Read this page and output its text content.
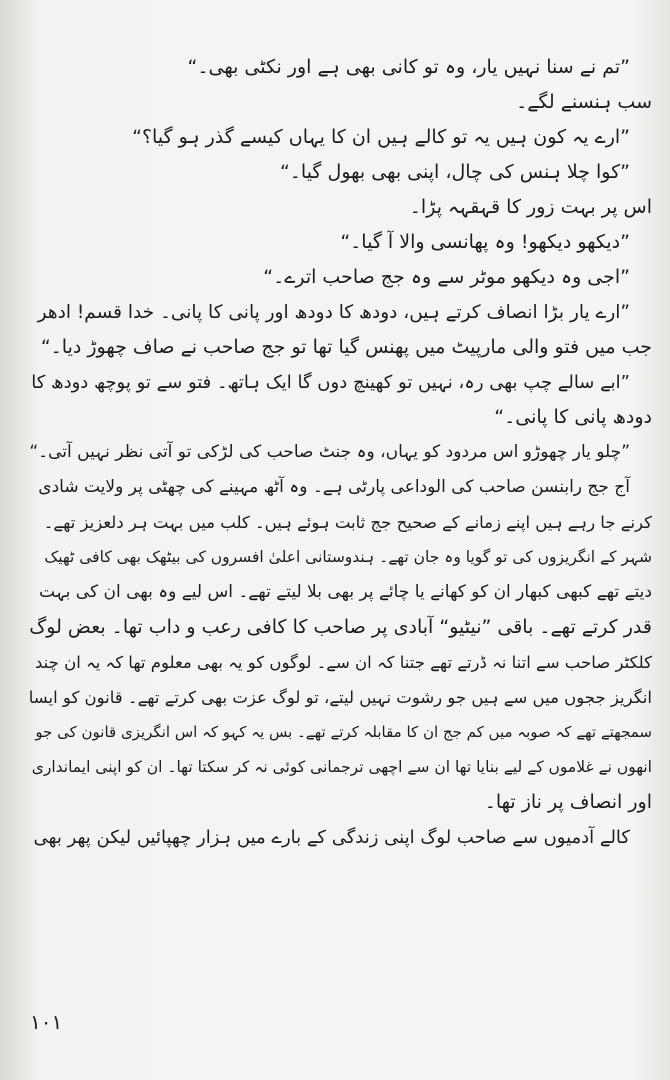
”تم نے سنا نہیں یار، وہ تو کانی بھی ہے اور نکٹی بھی۔“
سب ہنسنے لگے۔
”ارے یہ کون ہیں یہ تو کالے ہیں ان کا یہاں کیسے گذر ہو گیا؟“
”کوا چلا ہنس کی چال، اپنی بھی بھول گیا۔“
اس پر بہت زور کا قہقہہ پڑا۔
”دیکھو دیکھو! وہ پھانسی والا آ گیا۔“
”اجی وہ دیکھو موٹر سے وہ جج صاحب اترے۔“
”ارے یار بڑا انصاف کرتے ہیں، دودھ کا دودھ اور پانی کا پانی۔ خدا قسم! ادھر
جب میں فتو والی مارپیٹ میں پھنس گیا تھا تو جج صاحب نے صاف چھوڑ دیا۔“
”ابے سالے چپ بھی رہ، نہیں تو کھینچ دوں گا ایک ہاتھ۔ فتو سے تو پوچھ دودھ کا
دودھ پانی کا پانی۔“
”چلو یار چھوڑو اس مردود کو یہاں، وہ جنٹ صاحب کی لڑکی تو آتی نظر نہیں آتی۔“
آج جج رابنسن صاحب کی الوداعی پارٹی ہے۔ وہ آٹھ مہینے کی چھٹی پر ولایت شادی
کرنے جا رہے ہیں اپنے زمانے کے صحیح جج ثابت ہوئے ہیں۔ کلب میں بہت ہر دلعزیز تھے۔
شہر کے انگریزوں کی تو گویا وہ جان تھے۔ ہندوستانی اعلیٰ افسروں کی بیٹھک بھی کافی ٹھیک
دیتے تھے کبھی کبھار ان کو کھانے یا چائے پر بھی بلا لیتے تھے۔ اس لیے وہ بھی ان کی بہت
قدر کرتے تھے۔ باقی ”نیٹیو“ آبادی پر صاحب کا کافی رعب و داب تھا۔ بعض لوگ
کلکٹر صاحب سے اتنا نہ ڈرتے تھے جتنا کہ ان سے۔ لوگوں کو یہ بھی معلوم تھا کہ یہ ان چند
انگریز ججوں میں سے ہیں جو رشوت نہیں لیتے، تو لوگ عزت بھی کرتے تھے۔ قانون کو ایسا
سمجھتے تھے کہ صوبہ میں کم جج ان کا مقابلہ کرتے تھے۔ بس یہ کہو کہ اس انگریزی قانون کی جو
انھوں نے غلاموں کے لیے بنایا تھا ان سے اچھی ترجمانی کوئی نہ کر سکتا تھا۔ ان کو اپنی ایمانداری
اور انصاف پر ناز تھا۔
کالے آدمیوں سے صاحب لوگ اپنی زندگی کے بارے میں ہزار چھپائیں لیکن پھر بھی
۱۰۱
